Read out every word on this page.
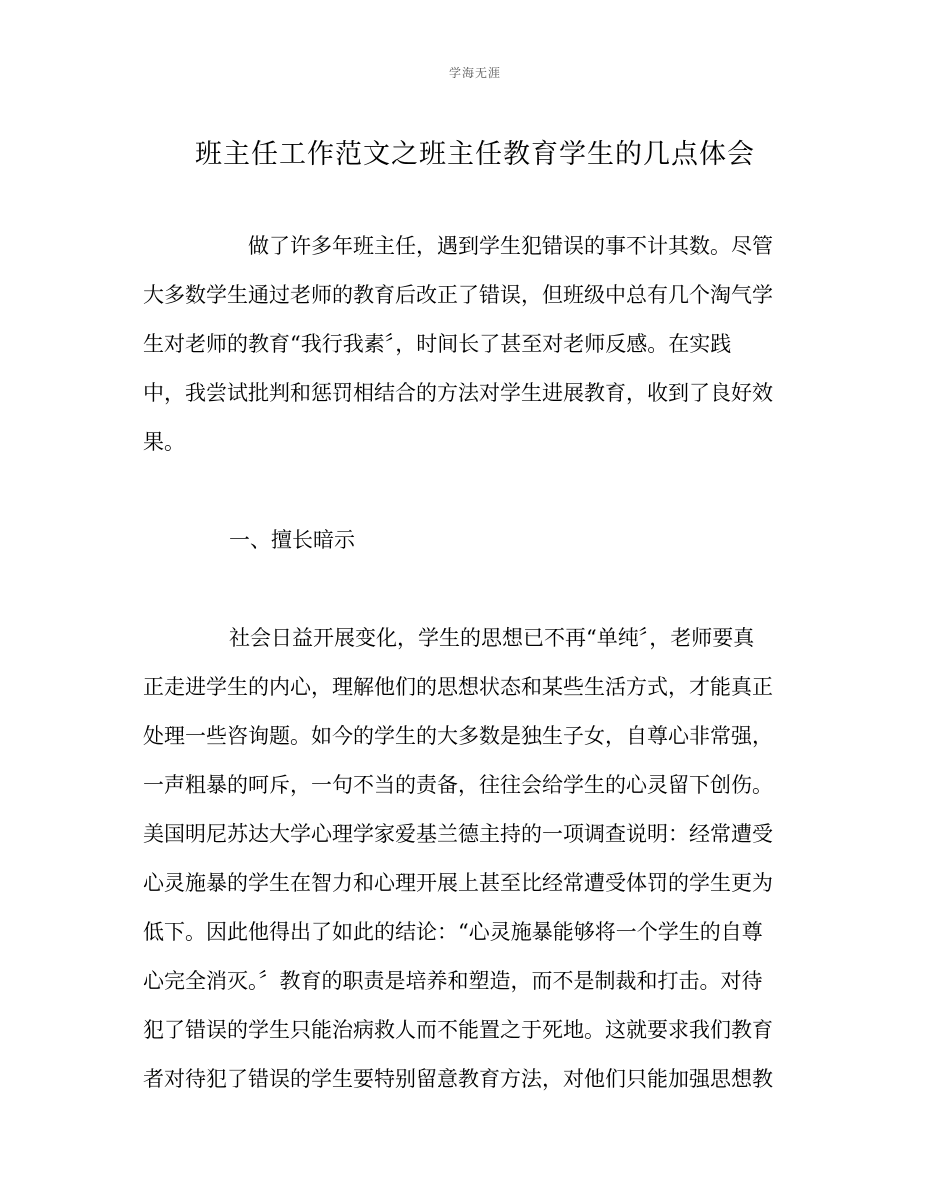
学海无涯
班主任工作范文之班主任教育学生的几点体会
做了许多年班主任，遇到学生犯错误的事不计其数。尽管
大多数学生通过老师的教育后改正了错误，但班级中总有几个淘气学
生对老师的教育“我行我素〞，时间长了甚至对老师反感。在实践
中，我尝试批判和惩罚相结合的方法对学生进展教育，收到了良好效
果。
一、擅长暗示
社会日益开展变化，学生的思想已不再“单纯〞，老师要真
正走进学生的内心，理解他们的思想状态和某些生活方式，才能真正
处理一些咨询题。如今的学生的大多数是独生子女，自尊心非常强，
一声粗暴的呵斥，一句不当的责备，往往会给学生的心灵留下创伤。
美国明尼苏达大学心理学家爱基兰德主持的一项调查说明：经常遭受
心灵施暴的学生在智力和心理开展上甚至比经常遭受体罚的学生更为
低下。因此他得出了如此的结论：“心灵施暴能够将一个学生的自尊
心完全消灭。〞教育的职责是培养和塑造，而不是制裁和打击。对待
犯了错误的学生只能治病救人而不能置之于死地。这就要求我们教育
者对待犯了错误的学生要特别留意教育方法，对他们只能加强思想教
